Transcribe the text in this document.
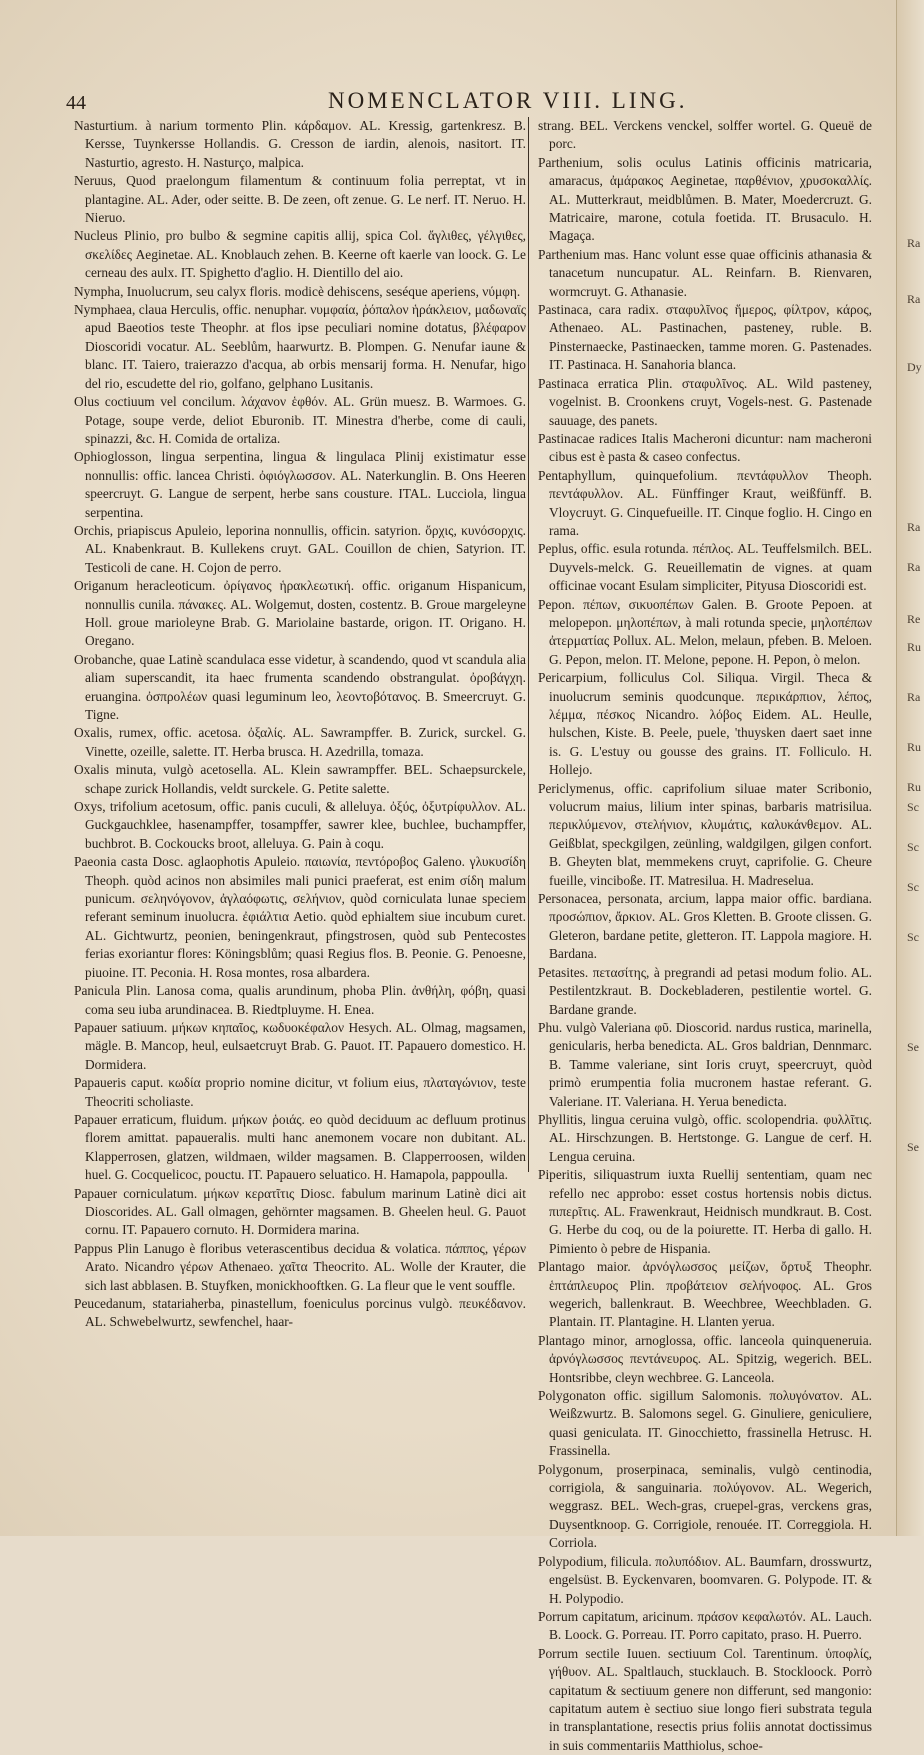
44	NOMENCLATOR VIII. LING.

Nasturtium. à narium tormento Plin. κάρδαμον. AL. Kressig, gartenkresz. B. Kersse, Tuynkersse Hollandis. G. Cresson de iardin, alenois, nasitort. IT. Nasturtio, agresto. H. Nasturço, malpica.

Neruus, Quod praelongum filamentum & continuum folia perreptat, vt in plantagine. AL. Ader, oder seitte. B. De zeen, oft zenue. G. Le nerf. IT. Neruo. H. Nieruo.

Nucleus Plinio, pro bulbo & segmine capitis allij, spica Col. ἄγλιθες, γέλγιθες, σκελίδες Aeginetae. AL. Knoblauch zehen. B. Keerne oft kaerle van loock. G. Le cerneau des aulx. IT. Spighetto d'aglio. H. Dientillo del aio.

Nympha, Inuolucrum, seu calyx floris. modicè dehiscens, seséque aperiens, νύμφη.

Nymphaea, claua Herculis, offic. nenuphar. νυμφαία, ῥόπαλον ἡράκλειον, μαδωναϊς apud Baeotios teste Theophr. at flos ipse peculiari nomine dotatus, βλέφαρον Dioscoridi vocatur. AL. Seeblům, haarwurtz. B. Plompen. G. Nenufar iaune & blanc. IT. Taiero, traierazzo d'acqua, ab orbis mensarij forma. H. Nenufar, higo del rio, escudette del rio, golfano, gelphano Lusitanis.

Olus coctiuum vel concilum. λάχανον ἑφθόν. AL. Grün muesz. B. Warmoes. G. Potage, soupe verde, deliot Eburonib. IT. Minestra d'herbe, come di cauli, spinazzi, &c. H. Comida de ortaliza.

Ophioglosson, lingua serpentina, lingua & lingulaca Plinij existimatur esse nonnullis: offic. lancea Christi. ὀφιόγλωσσον. AL. Naterkunglin. B. Ons Heeren speercruyt. G. Langue de serpent, herbe sans cousture. ITAL. Lucciola, lingua serpentina.

Orchis, priapiscus Apuleio, leporina nonnullis, officin. satyrion. ὄρχις, κυνόσορχις. AL. Knabenkraut. B. Kullekens cruyt. GAL. Couillon de chien, Satyrion. IT. Testicoli de cane. H. Cojon de perro.

Origanum heracleoticum. ὀρίγανος ἡρακλεωτική. offic. origanum Hispanicum, nonnullis cunila. πάνακες. AL. Wolgemut, dosten, costentz. B. Groue margeleyne Holl. groue marioleyne Brab. G. Mariolaine bastarde, origon. IT. Origano. H. Oregano.

Orobanche, quae Latinè scandulaca esse videtur, à scandendo, quod vt scandula alia aliam superscandit, ita haec frumenta scandendo obstrangulat. ὀροβάγχη. eruangina. ὀσπρολέων quasi leguminum leo, λεοντοβότανος. B. Smeercruyt. G. Tigne.

Oxalis, rumex, offic. acetosa. ὀξαλίς. AL. Sawrampffer. B. Zurick, surckel. G. Vinette, ozeille, salette. IT. Herba brusca. H. Azedrilla, tomaza.

Oxalis minuta, vulgò acetosella. AL. Klein sawrampffer. BEL. Schaepsurckele, schape zurick Hollandis, veldt surckele. G. Petite salette.

Oxys, trifolium acetosum, offic. panis cuculi, & alleluya. ὀξύς, ὀξυτρίφυλλον. AL. Guckgauchklee, hasenampffer, tosampffer, sawrer klee, buchlee, buchampffer, buchbrot. B. Cockoucks broot, alleluya. G. Pain à coqu.

Paeonia casta Dosc. aglaophotis Apuleio. παιωνία, πεντόροβος Galeno. γλυκυσίδη Theoph. quòd acinos non absimiles mali punici praeferat, est enim σίδη malum punicum. σεληνόγονον, ἀγλαόφωτις, σελήνιον, quòd corniculata lunae speciem referant seminum inuolucra. ἐφιάλτια Aetio. quòd ephialtem siue incubum curet. AL. Gichtwurtz, peonien, beningenkraut, pfingstrosen, quòd sub Pentecostes ferias exoriantur flores: Köningsblům; quasi Regius flos. B. Peonie. G. Penoesne, piuoine. IT. Peconia. H. Rosa montes, rosa albardera.

Panicula Plin. Lanosa coma, qualis arundinum, phoba Plin. ἀνθήλη, φόβη, quasi coma seu iuba arundinacea. B. Riedtpluyme. H. Enea.

Papauer satiuum. μήκων κηπαῖος, κωδυοκέφαλον Hesych. AL. Olmag, magsamen, mägle. B. Mancop, heul, eulsaetcruyt Brab. G. Pauot. IT. Papauero domestico. H. Dormidera.

Papaueris caput. κωδία proprio nomine dicitur, vt folium eius, πλαταγώνιον, teste Theocriti scholiaste.

Papauer erraticum, fluidum. μήκων ῥοιάς. eo quòd deciduum ac defluum protinus florem amittat. papaueralis. multi hanc anemonem vocare non dubitant. AL. Klapperrosen, glatzen, wildmaen, wilder magsamen. B. Clapperroosen, wilden huel. G. Cocquelicoc, pouctu. IT. Papauero seluatico. H. Hamapola, pappoulla.

Papauer corniculatum. μήκων κερατῖτις Diosc. fabulum marinum Latinè dici ait Dioscorides. AL. Gall olmagen, gehörnter magsamen. B. Gheelen heul. G. Pauot cornu. IT. Papauero cornuto. H. Dormidera marina.

Pappus Plin Lanugo è floribus veterascentibus decidua & volatica. πάππος, γέρων Arato. Nicandro γέρων Athenaeo. χαῖτα Theocrito. AL. Wolle der Krauter, die sich last abblasen. B. Stuyfken, monickhooftken. G. La fleur que le vent souffle.

Peucedanum, statariaherba, pinastellum, foeniculus porcinus vulgò. πευκέδανον. AL. Schwebelwurtz, sewfenchel, haar-

strang. BEL. Verckens venckel, solffer wortel. G. Queuë de porc.

Parthenium, solis oculus Latinis officinis matricaria, amaracus, ἀμάρακος Aeginetae, παρθένιον, χρυσοκαλλίς. AL. Mutterkraut, meidblůmen. B. Mater, Moedercruzt. G. Matricaire, marone, cotula foetida. IT. Brusaculo. H. Magaça.

Parthenium mas. Hanc volunt esse quae officinis athanasia & tanacetum nuncupatur. AL. Reinfarn. B. Rienvaren, wormcruyt. G. Athanasie.

Pastinaca, cara radix. σταφυλῖνος ἥμερος, φίλτρον, κάρος, Athenaeo. AL. Pastinachen, pasteney, ruble. B. Pinsternaecke, Pastinaecken, tamme moren. G. Pastenades. IT. Pastinaca. H. Sanahoria blanca.

Pastinaca erratica Plin. σταφυλῖνος. AL. Wild pasteney, vogelnist. B. Croonkens cruyt, Vogels-nest. G. Pastenade sauuage, des panets.

Pastinacae radices Italis Macheroni dicuntur: nam macheroni cibus est è pasta & caseo confectus.

Pentaphyllum, quinquefolium. πεντάφυλλον Theoph. πεντάφυλλον. AL. Fünffinger Kraut, weißfünff. B. Vloycruyt. G. Cinquefueille. IT. Cinque foglio. H. Cingo en rama.

Peplus, offic. esula rotunda. πέπλος. AL. Teuffelsmilch. BEL. Duyvels-melck. G. Reueillematin de vignes. at quam officinae vocant Esulam simpliciter, Pityusa Dioscoridi est.

Pepon. πέπων, σικυοπέπων Galen. B. Groote Pepoen. at melopepon. μηλοπέπων, à mali rotunda specie, μηλοπέπων ἀτερματίας Pollux. AL. Melon, melaun, pfeben. B. Meloen. G. Pepon, melon. IT. Melone, pepone. H. Pepon, ò melon.

Pericarpium, folliculus Col. Siliqua. Virgil. Theca & inuolucrum seminis quodcunque. περικάρπιον, λέπος, λέμμα, πέσκος Nicandro. λόβος Eidem. AL. Heulle, hulschen, Kiste. B. Peele, puele, 'thuysken daert saet inne is. G. L'estuy ou gousse des grains. IT. Folliculo. H. Hollejo.

Periclymenus, offic. caprifolium siluae mater Scribonio, volucrum maius, lilium inter spinas, barbaris matrisilua. περικλύμενον, στελήνιον, κλυμάτις, καλυκάνθεμον. AL. Geißblat, speckgilgen, zeünling, waldgilgen, gilgen confort. B. Gheyten blat, memmekens cruyt, caprifolie. G. Cheure fueille, vinciboße. IT. Matresilua. H. Madreselua.

Personacea, personata, arcium, lappa maior offic. bardiana. προσώπιον, ἄρκιον. AL. Gros Kletten. B. Groote clissen. G. Gleteron, bardane petite, gletteron. IT. Lappola magiore. H. Bardana.

Petasites. πετασίτης, à pregrandi ad petasi modum folio. AL. Pestilentzkraut. B. Dockebladeren, pestilentie wortel. G. Bardane grande.

Phu. vulgò Valeriana φῦ. Dioscorid. nardus rustica, marinella, genicularis, herba benedicta. AL. Gros baldrian, Dennmarc. B. Tamme valeriane, sint Ioris cruyt, speercruyt, quòd primò erumpentia folia mucronem hastae referant. G. Valeriane. IT. Valeriana. H. Yerua benedicta.

Phyllitis, lingua ceruina vulgò, offic. scolopendria. φυλλῖτις. AL. Hirschzungen. B. Hertstonge. G. Langue de cerf. H. Lengua ceruina.

Piperitis, siliquastrum iuxta Ruellij sententiam, quam nec refello nec approbo: esset costus hortensis nobis dictus. πιπερῖτις. AL. Frawenkraut, Heidnisch mundkraut. B. Cost. G. Herbe du coq, ou de la poiurette. IT. Herba di gallo. H. Pimiento ò pebre de Hispania.

Plantago maior. ἀρνόγλωσσος μείζων, ὄρτυξ Theophr. ἑπτάπλευρος Plin. προβάτειον σελήνοφος. AL. Gros wegerich, ballenkraut. B. Weechbree, Weechbladen. G. Plantain. IT. Plantagine. H. Llanten yerua.

Plantago minor, arnoglossa, offic. lanceola quinqueneruia. ἀρνόγλωσσος πεντάνευρος. AL. Spitzig, wegerich. BEL. Hontsribbe, cleyn wechbree. G. Lanceola.

Polygonaton offic. sigillum Salomonis. πολυγόνατον. AL. Weißzwurtz. B. Salomons segel. G. Ginuliere, geniculiere, quasi geniculata. IT. Ginocchietto, frassinella Hetrusc. H. Frassinella.

Polygonum, proserpinaca, seminalis, vulgò centinodia, corrigiola, & sanguinaria. πολύγονον. AL. Wegerich, weggrasz. BEL. Wech-gras, cruepel-gras, verckens gras, Duysentknoop. G. Corrigiole, renouée. IT. Correggiola. H. Corriola.

Polypodium, filicula. πολυπόδιον. AL. Baumfarn, drosswurtz, engelsüst. B. Eyckenvaren, boomvaren. G. Polypode. IT. & H. Polypodio.

Porrum capitatum, aricinum. πράσον κεφαλωτόν. AL. Lauch. B. Loock. G. Porreau. IT. Porro capitato, praso. H. Puerro.

Porrum sectile Iuuen. sectiuum Col. Tarentinum. ὑποφλίς, γήθυον. AL. Spaltlauch, stucklauch. B. Stockloock. Porrò capitatum & sectiuum genere non differunt, sed mangonio: capitatum autem è sectiuo siue longo fieri substrata tegula in transplantatione, resectis prius foliis annotat doctissimus in suis commentariis Matthiolus, schoe-

Ra
Ra
Dy
Ra
Ra
Re
Ru
Ra
Ru
Ru
Sc
Sc
Sc
Sc
Se
Se
